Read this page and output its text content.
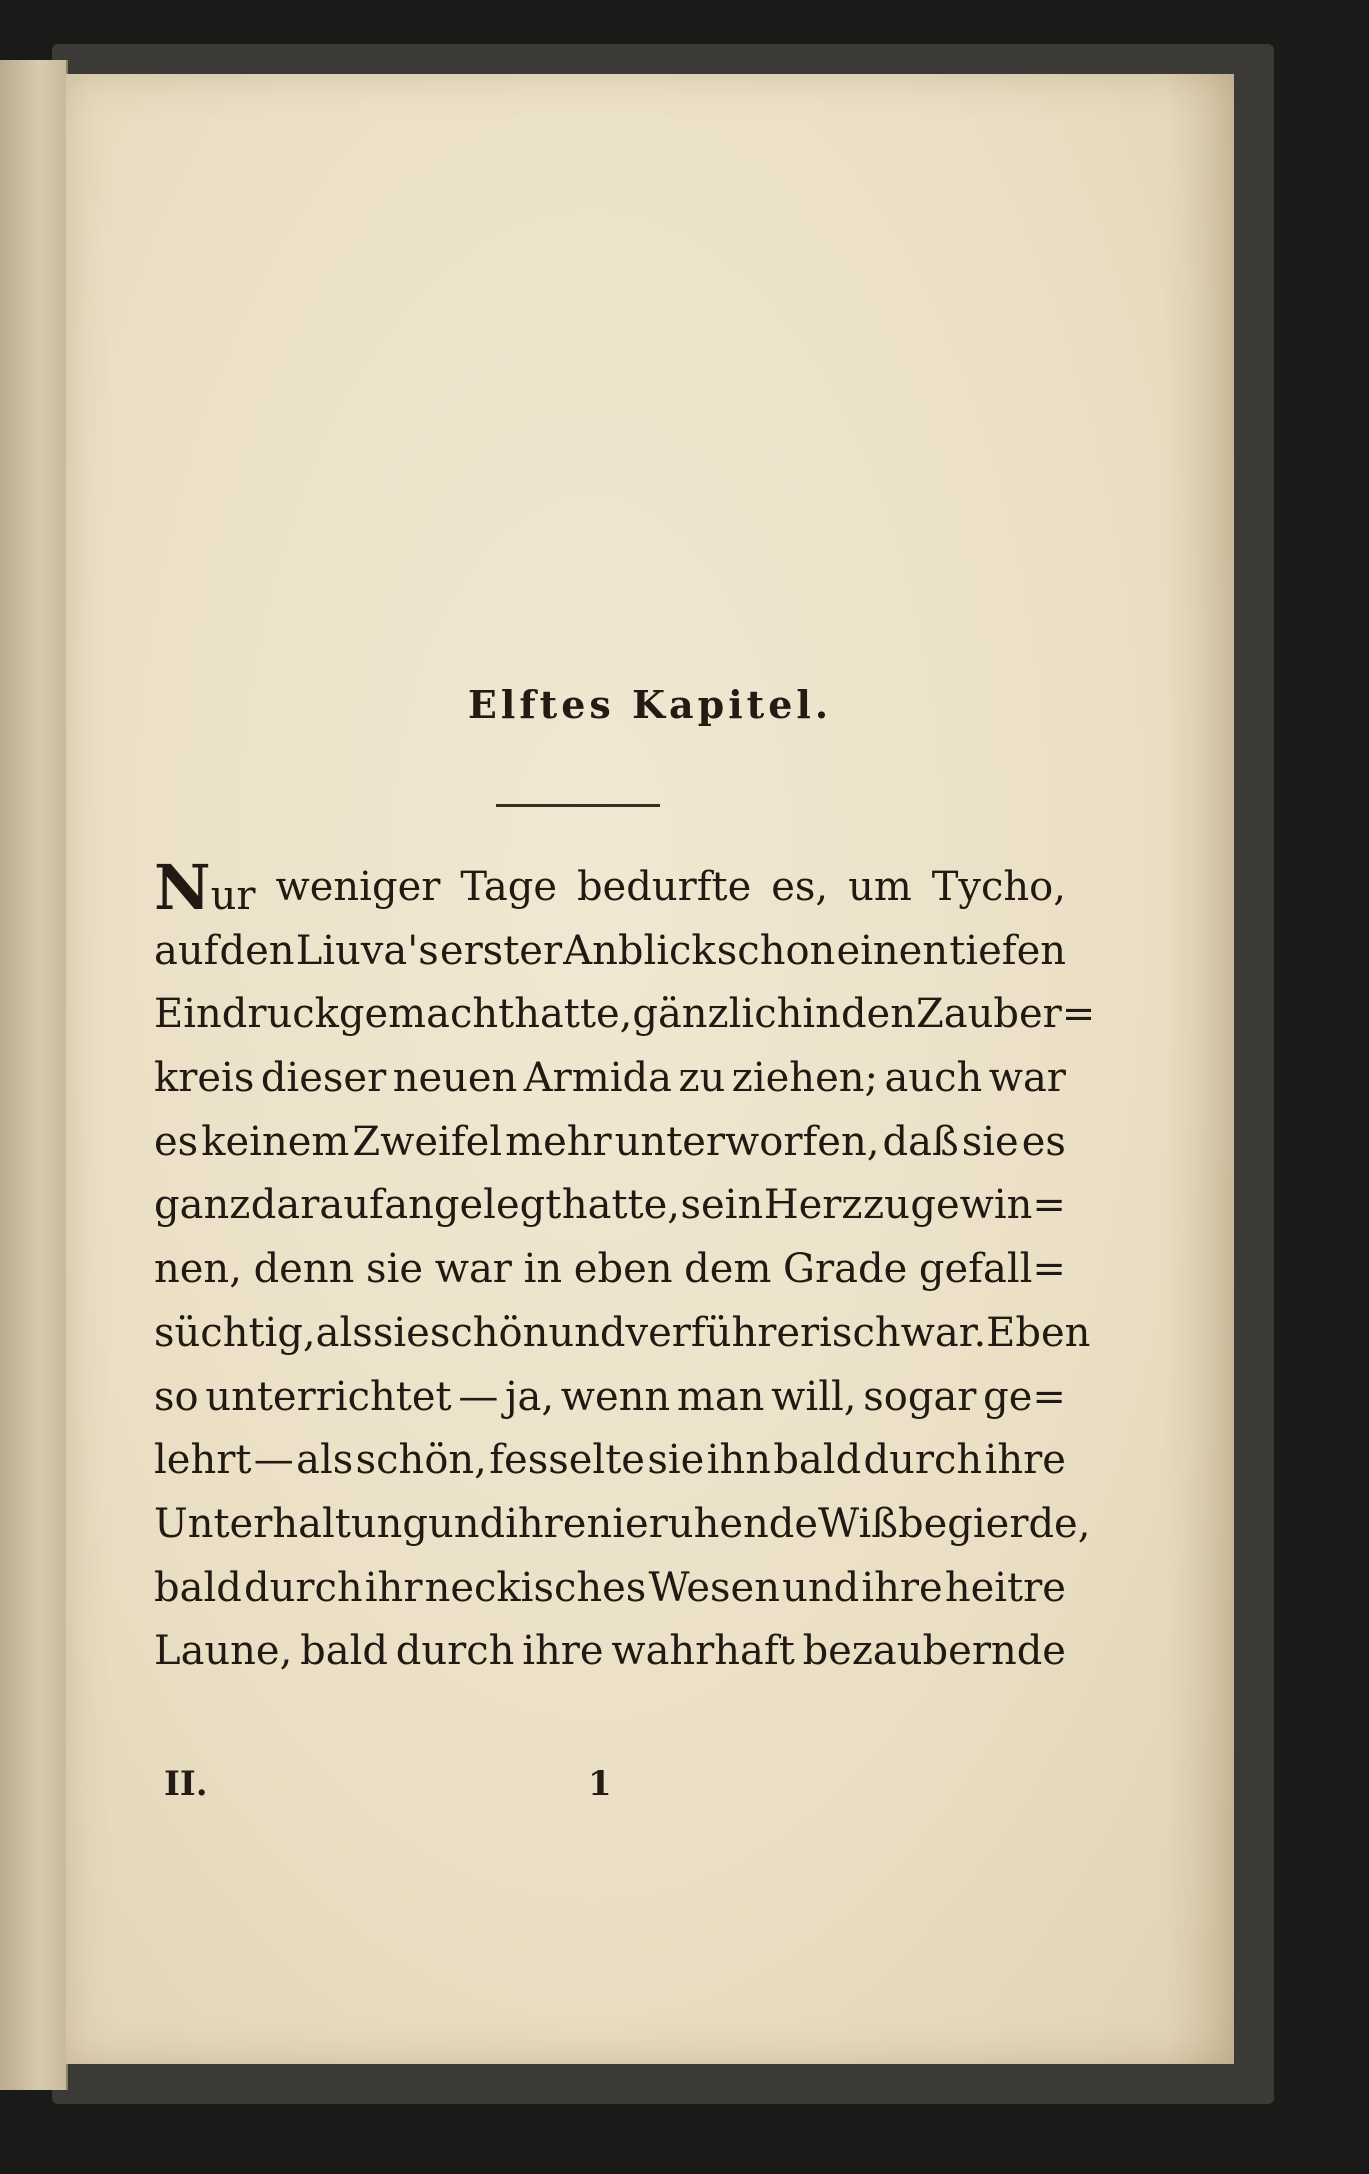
Elftes Kapitel.
Nur weniger Tage bedurfte es, um Tycho,
auf den Liuva's erster Anblick schon einen tiefen
Eindruck gemacht hatte, gänzlich in den Zauber=
kreis dieser neuen Armida zu ziehen; auch war
es keinem Zweifel mehr unterworfen, daß sie es
ganz darauf angelegt hatte, sein Herz zu gewin=
nen, denn sie war in eben dem Grade gefall=
süchtig, als sie schön und verführerisch war. Eben
so unterrichtet — ja, wenn man will, sogar ge=
lehrt — als schön, fesselte sie ihn bald durch ihre
Unterhaltung und ihre nie ruhende Wißbegierde,
bald durch ihr neckisches Wesen und ihre heitre
Laune, bald durch ihre wahrhaft bezaubernde
II.	1
